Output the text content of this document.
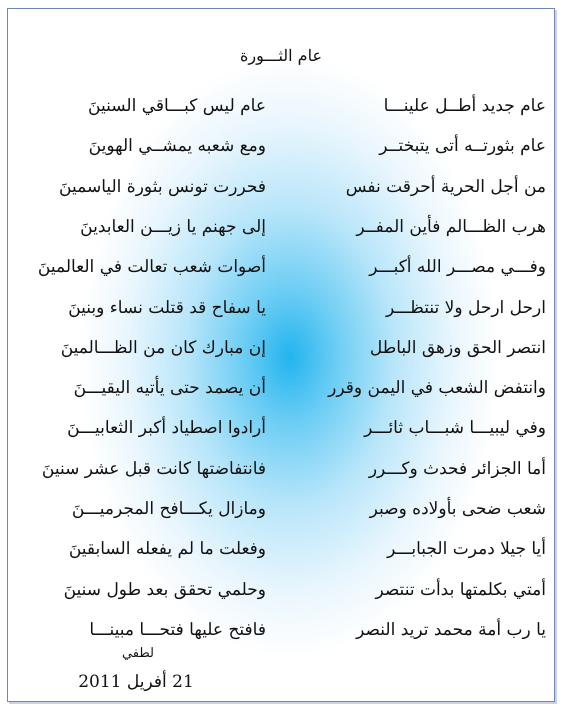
عام الثـــورة
عام جديد أطــل علينـــا
عام ليس كبـــاقي السنينَ
عام بثورتــه أتى يتبختــر
ومع شعبه يمشــي الهوينَ
من أجل الحرية أحرقت نفس
فحررت تونس بثورة الياسمينَ
هرب الظـــالم فأين المفــر
إلى جهنم يا زيـــن العابدينَ
وفـــي مصـــر الله أكبـــر
أصوات شعب تعالت في العالمينَ
ارحل ارحل ولا تنتظـــر
يا سفاح قد قتلت نساء وبنينَ
انتصر الحق وزهق الباطل
إن مبارك كان من الظـــالمينَ
وانتفض الشعب في اليمن وقرر
أن يصمد حتى يأتيه اليقيـــنَ
وفي ليبيـــا شبـــاب ثائـــر
أرادوا اصطياد أكبر الثعابيـــنَ
أما الجزائر فحدث وكـــرر
فانتفاضتها كانت قبل عشر سنينَ
شعب ضحى بأولاده وصبر
ومازال يكـــافح المجرميـــنَ
أيا جيلا دمرت الجبابـــر
وفعلت ما لم يفعله السابقينَ
أمتي بكلمتها بدأت تنتصر
وحلمي تحقق بعد طول سنينَ
يا رب أمة محمد تريد النصر
فافتح عليها فتحـــا مبينـــا
لطفي
21 أفريل 2011
